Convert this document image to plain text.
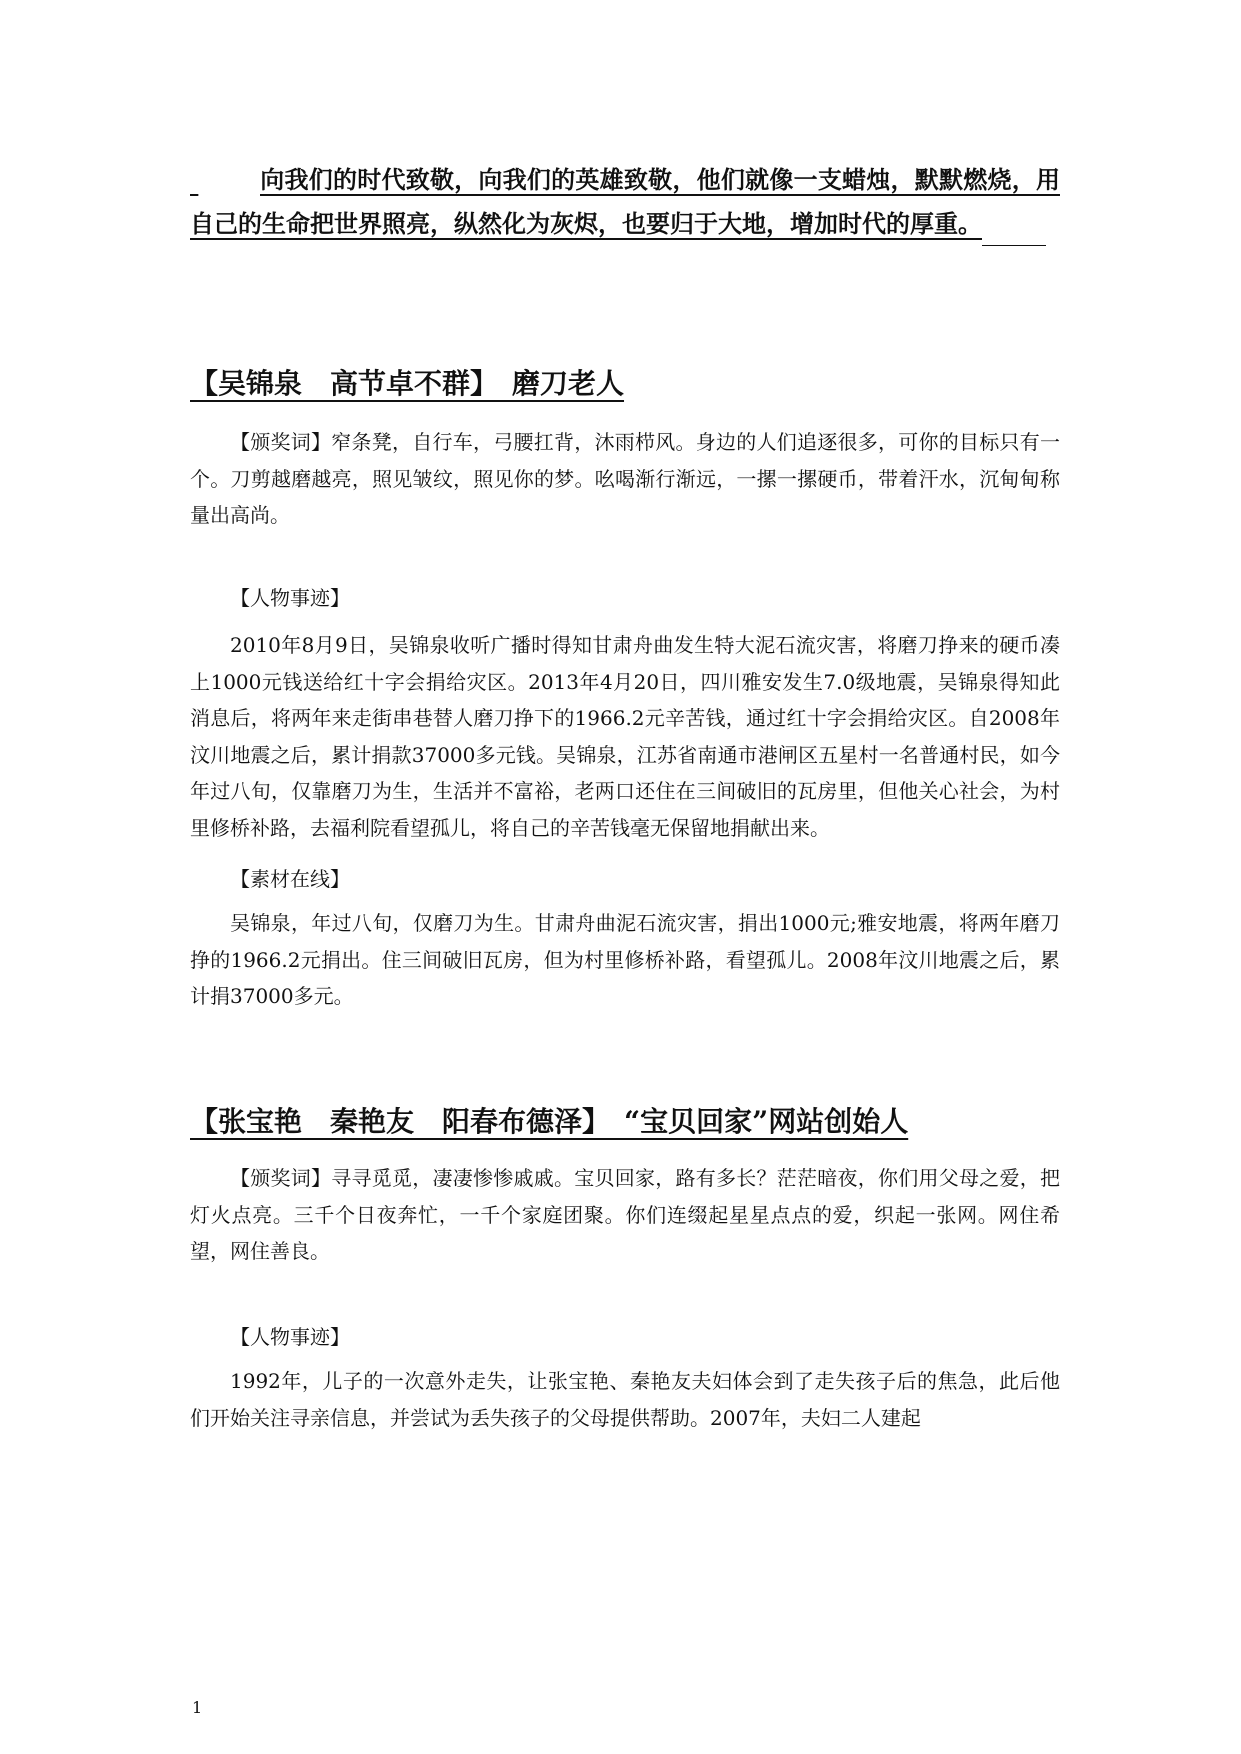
向我们的时代致敬，向我们的英雄致敬，他们就像一支蜡烛，默默燃烧，用自己的生命把世界照亮，纵然化为灰烬，也要归于大地，增加时代的厚重。
【吴锦泉　高节卓不群】　磨刀老人
【颁奖词】窄条凳，自行车，弓腰扛背，沐雨栉风。身边的人们追逐很多，可你的目标只有一个。刀剪越磨越亮，照见皱纹，照见你的梦。吆喝渐行渐远，一摞一摞硬币，带着汗水，沉甸甸称量出高尚。
【人物事迹】
2010年8月9日，吴锦泉收听广播时得知甘肃舟曲发生特大泥石流灾害，将磨刀挣来的硬币凑上1000元钱送给红十字会捐给灾区。2013年4月20日，四川雅安发生7.0级地震，吴锦泉得知此消息后，将两年来走街串巷替人磨刀挣下的1966.2元辛苦钱，通过红十字会捐给灾区。自2008年汶川地震之后，累计捐款37000多元钱。吴锦泉，江苏省南通市港闸区五星村一名普通村民，如今年过八旬，仅靠磨刀为生，生活并不富裕，老两口还住在三间破旧的瓦房里，但他关心社会，为村里修桥补路，去福利院看望孤儿，将自己的辛苦钱毫无保留地捐献出来。
【素材在线】
吴锦泉，年过八旬，仅磨刀为生。甘肃舟曲泥石流灾害，捐出1000元;雅安地震，将两年磨刀挣的1966.2元捐出。住三间破旧瓦房，但为村里修桥补路，看望孤儿。2008年汶川地震之后，累计捐37000多元。
【张宝艳　秦艳友　阳春布德泽】　“宝贝回家”网站创始人
【颁奖词】寻寻觅觅，凄凄惨惨戚戚。宝贝回家，路有多长？茫茫暗夜，你们用父母之爱，把灯火点亮。三千个日夜奔忙，一千个家庭团聚。你们连缀起星星点点的爱，织起一张网。网住希望，网住善良。
【人物事迹】
1992年，儿子的一次意外走失，让张宝艳、秦艳友夫妇体会到了走失孩子后的焦急，此后他们开始关注寻亲信息，并尝试为丢失孩子的父母提供帮助。2007年，夫妇二人建起
1
